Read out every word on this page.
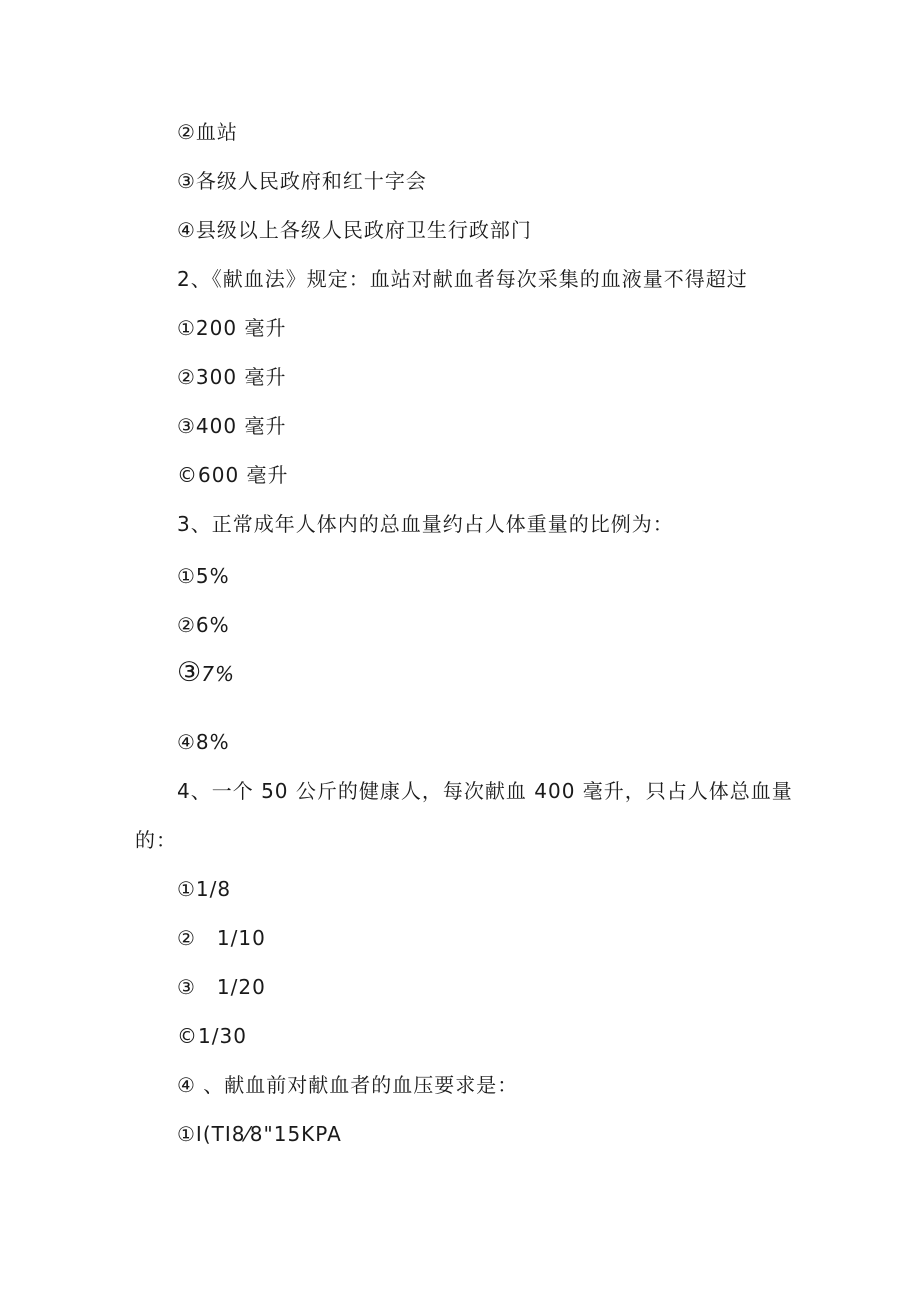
②血站
③各级人民政府和红十字会
④县级以上各级人民政府卫生行政部门
2、《献血法》规定：血站对献血者每次采集的血液量不得超过
①200 毫升
②300 毫升
③400 毫升
©600 毫升
3、正常成年人体内的总血量约占人体重量的比例为：
①5%
②6%
③7%
④8%
4、一个 50 公斤的健康人，每次献血 400 毫升，只占人体总血量
的：
①1/8
②　1/10
③　1/20
©1/30
④ 、献血前对献血者的血压要求是：
①I(TI8⁄8"15KPA
